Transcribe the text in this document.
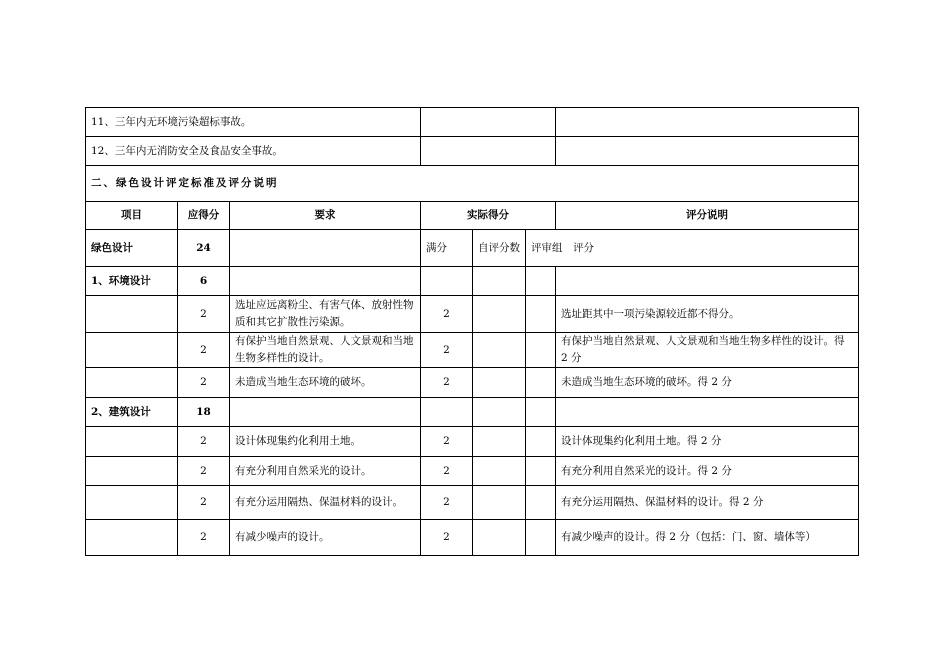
11、三年内无环境污染超标事故。						
12、三年内无消防安全及食品安全事故。						
二、绿色设计评定标准及评分说明						
项目	应得分	要求	实际得分			评分说明
绿色设计	24		满分	自评分数	评审组　评分	
1、环境设计	6					
	2	选址应远离粉尘、有害气体、放射性物质和其它扩散性污染源。	2			选址距其中一项污染源较近都不得分。
	2	有保护当地自然景观、人文景观和当地生物多样性的设计。	2			有保护当地自然景观、人文景观和当地生物多样性的设计。得 2 分
	2	未造成当地生态环境的破坏。	2			未造成当地生态环境的破坏。得 2 分
2、建筑设计	18					
	2	设计体现集约化利用土地。	2			设计体现集约化利用土地。得 2 分
	2	有充分利用自然采光的设计。	2			有充分利用自然采光的设计。得 2 分
	2	有充分运用隔热、保温材料的设计。	2			有充分运用隔热、保温材料的设计。得 2 分
	2	有减少噪声的设计。	2			有减少噪声的设计。得 2 分（包括：门、窗、墙体等）
